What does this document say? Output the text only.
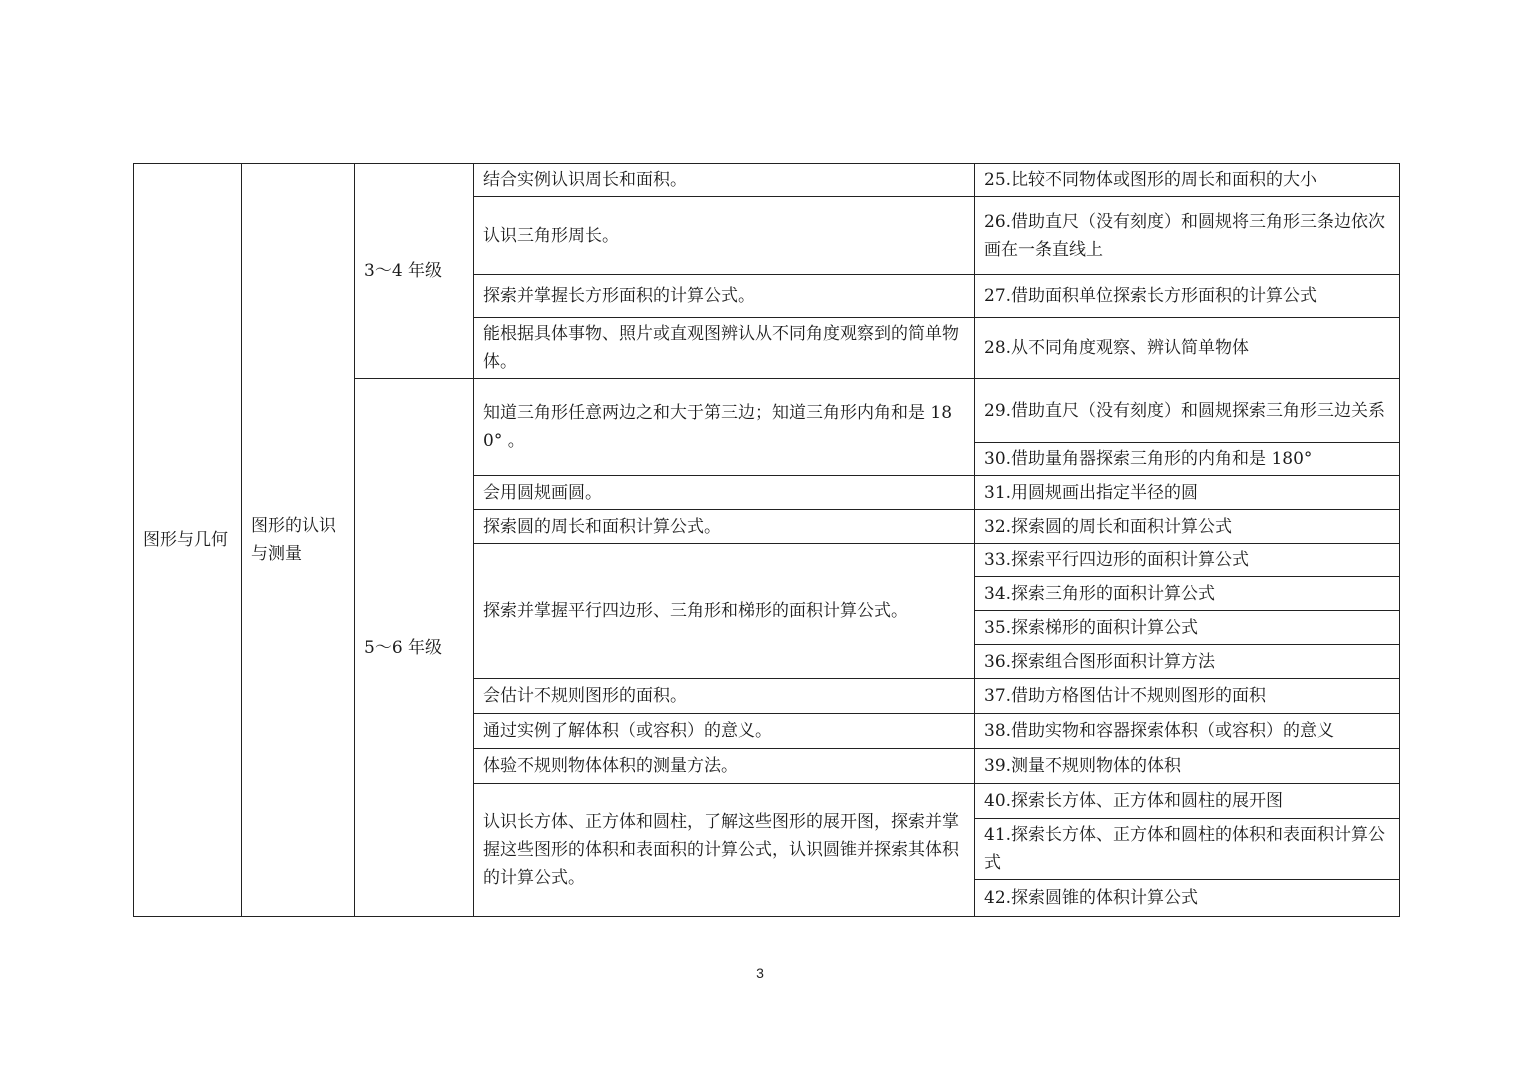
图形与几何	图形的认识与测量	3～4 年级	结合实例认识周长和面积。	25.比较不同物体或图形的周长和面积的大小
			认识三角形周长。	26.借助直尺（没有刻度）和圆规将三角形三条边依次画在一条直线上
			探索并掌握长方形面积的计算公式。	27.借助面积单位探索长方形面积的计算公式
			能根据具体事物、照片或直观图辨认从不同角度观察到的简单物体。	28.从不同角度观察、辨认简单物体
		5～6 年级	知道三角形任意两边之和大于第三边；知道三角形内角和是 180° 。	29.借助直尺（没有刻度）和圆规探索三角形三边关系
				30.借助量角器探索三角形的内角和是 180°
			会用圆规画圆。	31.用圆规画出指定半径的圆
			探索圆的周长和面积计算公式。	32.探索圆的周长和面积计算公式
			探索并掌握平行四边形、三角形和梯形的面积计算公式。	33.探索平行四边形的面积计算公式
				34.探索三角形的面积计算公式
				35.探索梯形的面积计算公式
				36.探索组合图形面积计算方法
			会估计不规则图形的面积。	37.借助方格图估计不规则图形的面积
			通过实例了解体积（或容积）的意义。	38.借助实物和容器探索体积（或容积）的意义
			体验不规则物体体积的测量方法。	39.测量不规则物体的体积
			认识长方体、正方体和圆柱，了解这些图形的展开图，探索并掌握这些图形的体积和表面积的计算公式，认识圆锥并探索其体积的计算公式。	40.探索长方体、正方体和圆柱的展开图
				41.探索长方体、正方体和圆柱的体积和表面积计算公式
				42.探索圆锥的体积计算公式
3
